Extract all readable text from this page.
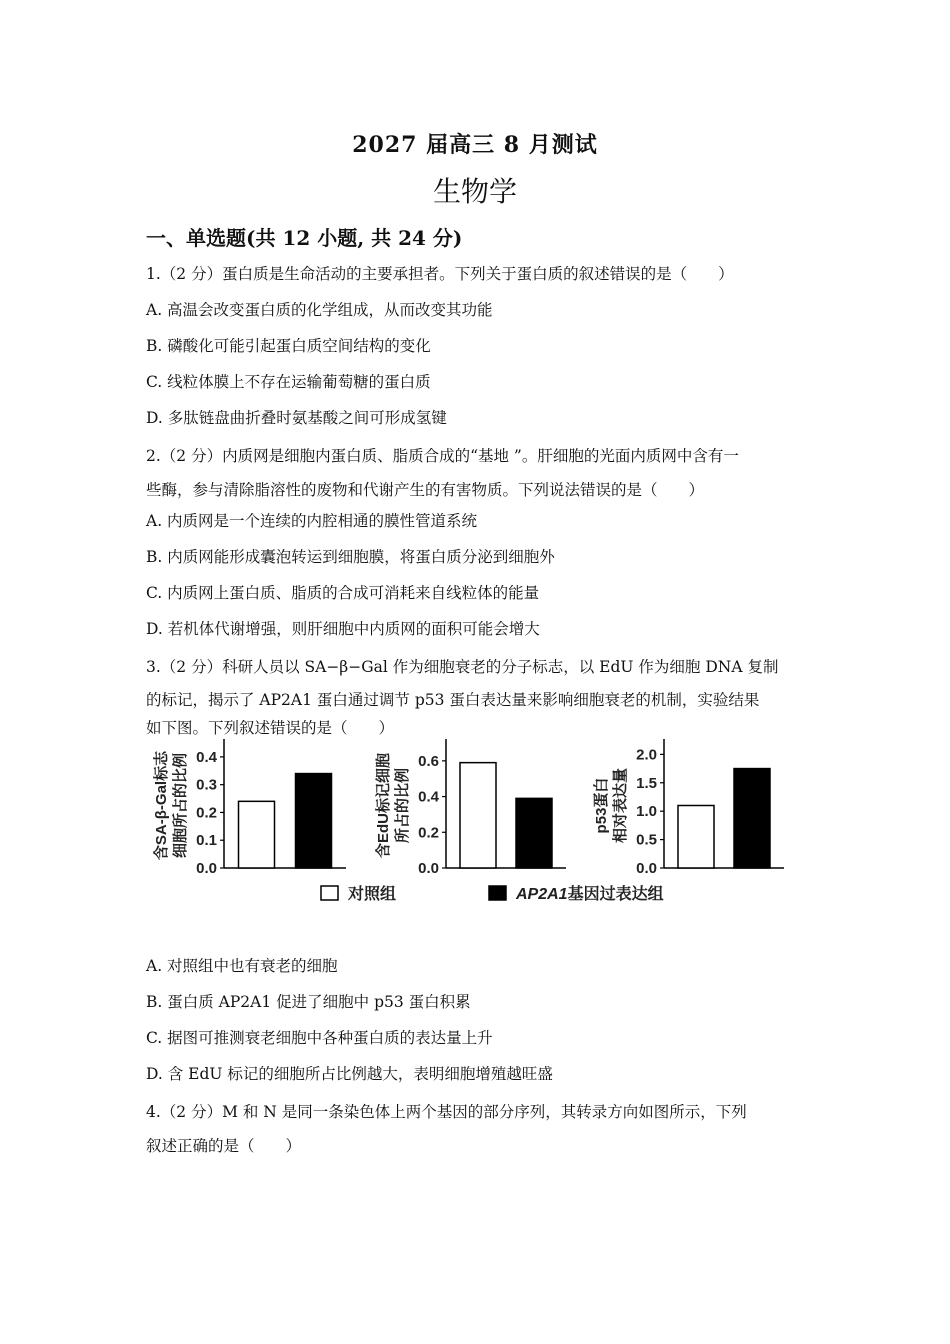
2027 届高三 8 月测试
生物学
一、单选题(共 12 小题, 共 24 分)
1.（2 分）蛋白质是生命活动的主要承担者。下列关于蛋白质的叙述错误的是（　　）
A. 高温会改变蛋白质的化学组成，从而改变其功能
B. 磷酸化可能引起蛋白质空间结构的变化
C. 线粒体膜上不存在运输葡萄糖的蛋白质
D. 多肽链盘曲折叠时氨基酸之间可形成氢键
2.（2 分）内质网是细胞内蛋白质、脂质合成的“基地 ”。肝细胞的光面内质网中含有一
些酶，参与清除脂溶性的废物和代谢产生的有害物质。下列说法错误的是（　　）
A. 内质网是一个连续的内腔相通的膜性管道系统
B. 内质网能形成囊泡转运到细胞膜，将蛋白质分泌到细胞外
C. 内质网上蛋白质、脂质的合成可消耗来自线粒体的能量
D. 若机体代谢增强，则肝细胞中内质网的面积可能会增大
3.（2 分）科研人员以 SA−β−Gal 作为细胞衰老的分子标志，以 EdU 作为细胞 DNA 复制
的标记，揭示了 AP2A1 蛋白通过调节 p53 蛋白表达量来影响细胞衰老的机制，实验结果
如下图。下列叙述错误的是（　　）
0.0
0.1
0.2
0.3
0.4
含SA-β-Gal标志 细胞所占的比例
0.0
0.2
0.4
0.6
含EdU标记细胞 所占的比例
0.0
0.5
1.0
1.5
2.0
p53蛋白 相对表达量
对照组	AP2A1基因过表达组
A. 对照组中也有衰老的细胞
B. 蛋白质 AP2A1 促进了细胞中 p53 蛋白积累
C. 据图可推测衰老细胞中各种蛋白质的表达量上升
D. 含 EdU 标记的细胞所占比例越大，表明细胞增殖越旺盛
4.（2 分）M 和 N 是同一条染色体上两个基因的部分序列，其转录方向如图所示，下列
叙述正确的是（　　）
